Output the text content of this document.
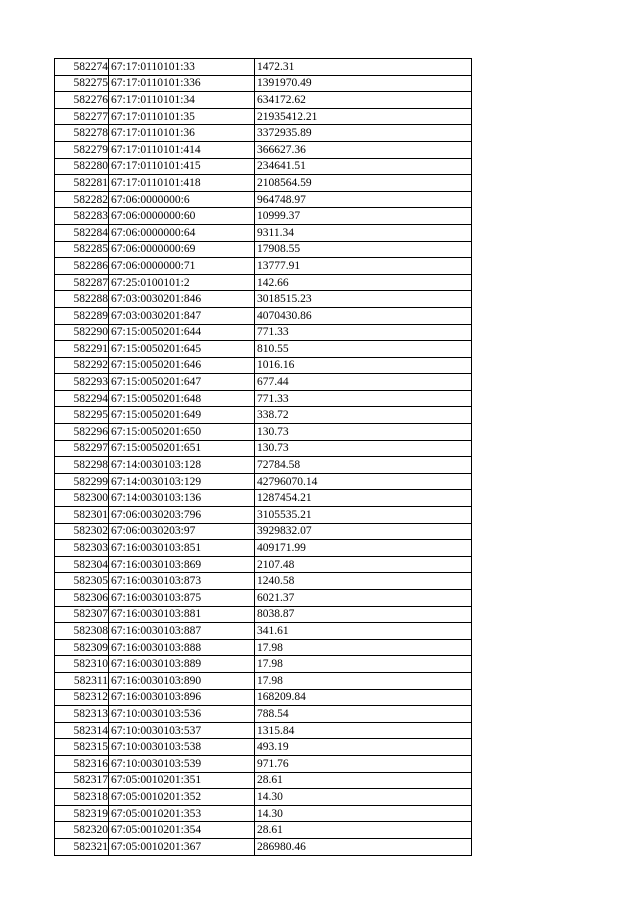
582274	67:17:0110101:33	1472.31
582275	67:17:0110101:336	1391970.49
582276	67:17:0110101:34	634172.62
582277	67:17:0110101:35	21935412.21
582278	67:17:0110101:36	3372935.89
582279	67:17:0110101:414	366627.36
582280	67:17:0110101:415	234641.51
582281	67:17:0110101:418	2108564.59
582282	67:06:0000000:6	964748.97
582283	67:06:0000000:60	10999.37
582284	67:06:0000000:64	9311.34
582285	67:06:0000000:69	17908.55
582286	67:06:0000000:71	13777.91
582287	67:25:0100101:2	142.66
582288	67:03:0030201:846	3018515.23
582289	67:03:0030201:847	4070430.86
582290	67:15:0050201:644	771.33
582291	67:15:0050201:645	810.55
582292	67:15:0050201:646	1016.16
582293	67:15:0050201:647	677.44
582294	67:15:0050201:648	771.33
582295	67:15:0050201:649	338.72
582296	67:15:0050201:650	130.73
582297	67:15:0050201:651	130.73
582298	67:14:0030103:128	72784.58
582299	67:14:0030103:129	42796070.14
582300	67:14:0030103:136	1287454.21
582301	67:06:0030203:796	3105535.21
582302	67:06:0030203:97	3929832.07
582303	67:16:0030103:851	409171.99
582304	67:16:0030103:869	2107.48
582305	67:16:0030103:873	1240.58
582306	67:16:0030103:875	6021.37
582307	67:16:0030103:881	8038.87
582308	67:16:0030103:887	341.61
582309	67:16:0030103:888	17.98
582310	67:16:0030103:889	17.98
582311	67:16:0030103:890	17.98
582312	67:16:0030103:896	168209.84
582313	67:10:0030103:536	788.54
582314	67:10:0030103:537	1315.84
582315	67:10:0030103:538	493.19
582316	67:10:0030103:539	971.76
582317	67:05:0010201:351	28.61
582318	67:05:0010201:352	14.30
582319	67:05:0010201:353	14.30
582320	67:05:0010201:354	28.61
582321	67:05:0010201:367	286980.46
